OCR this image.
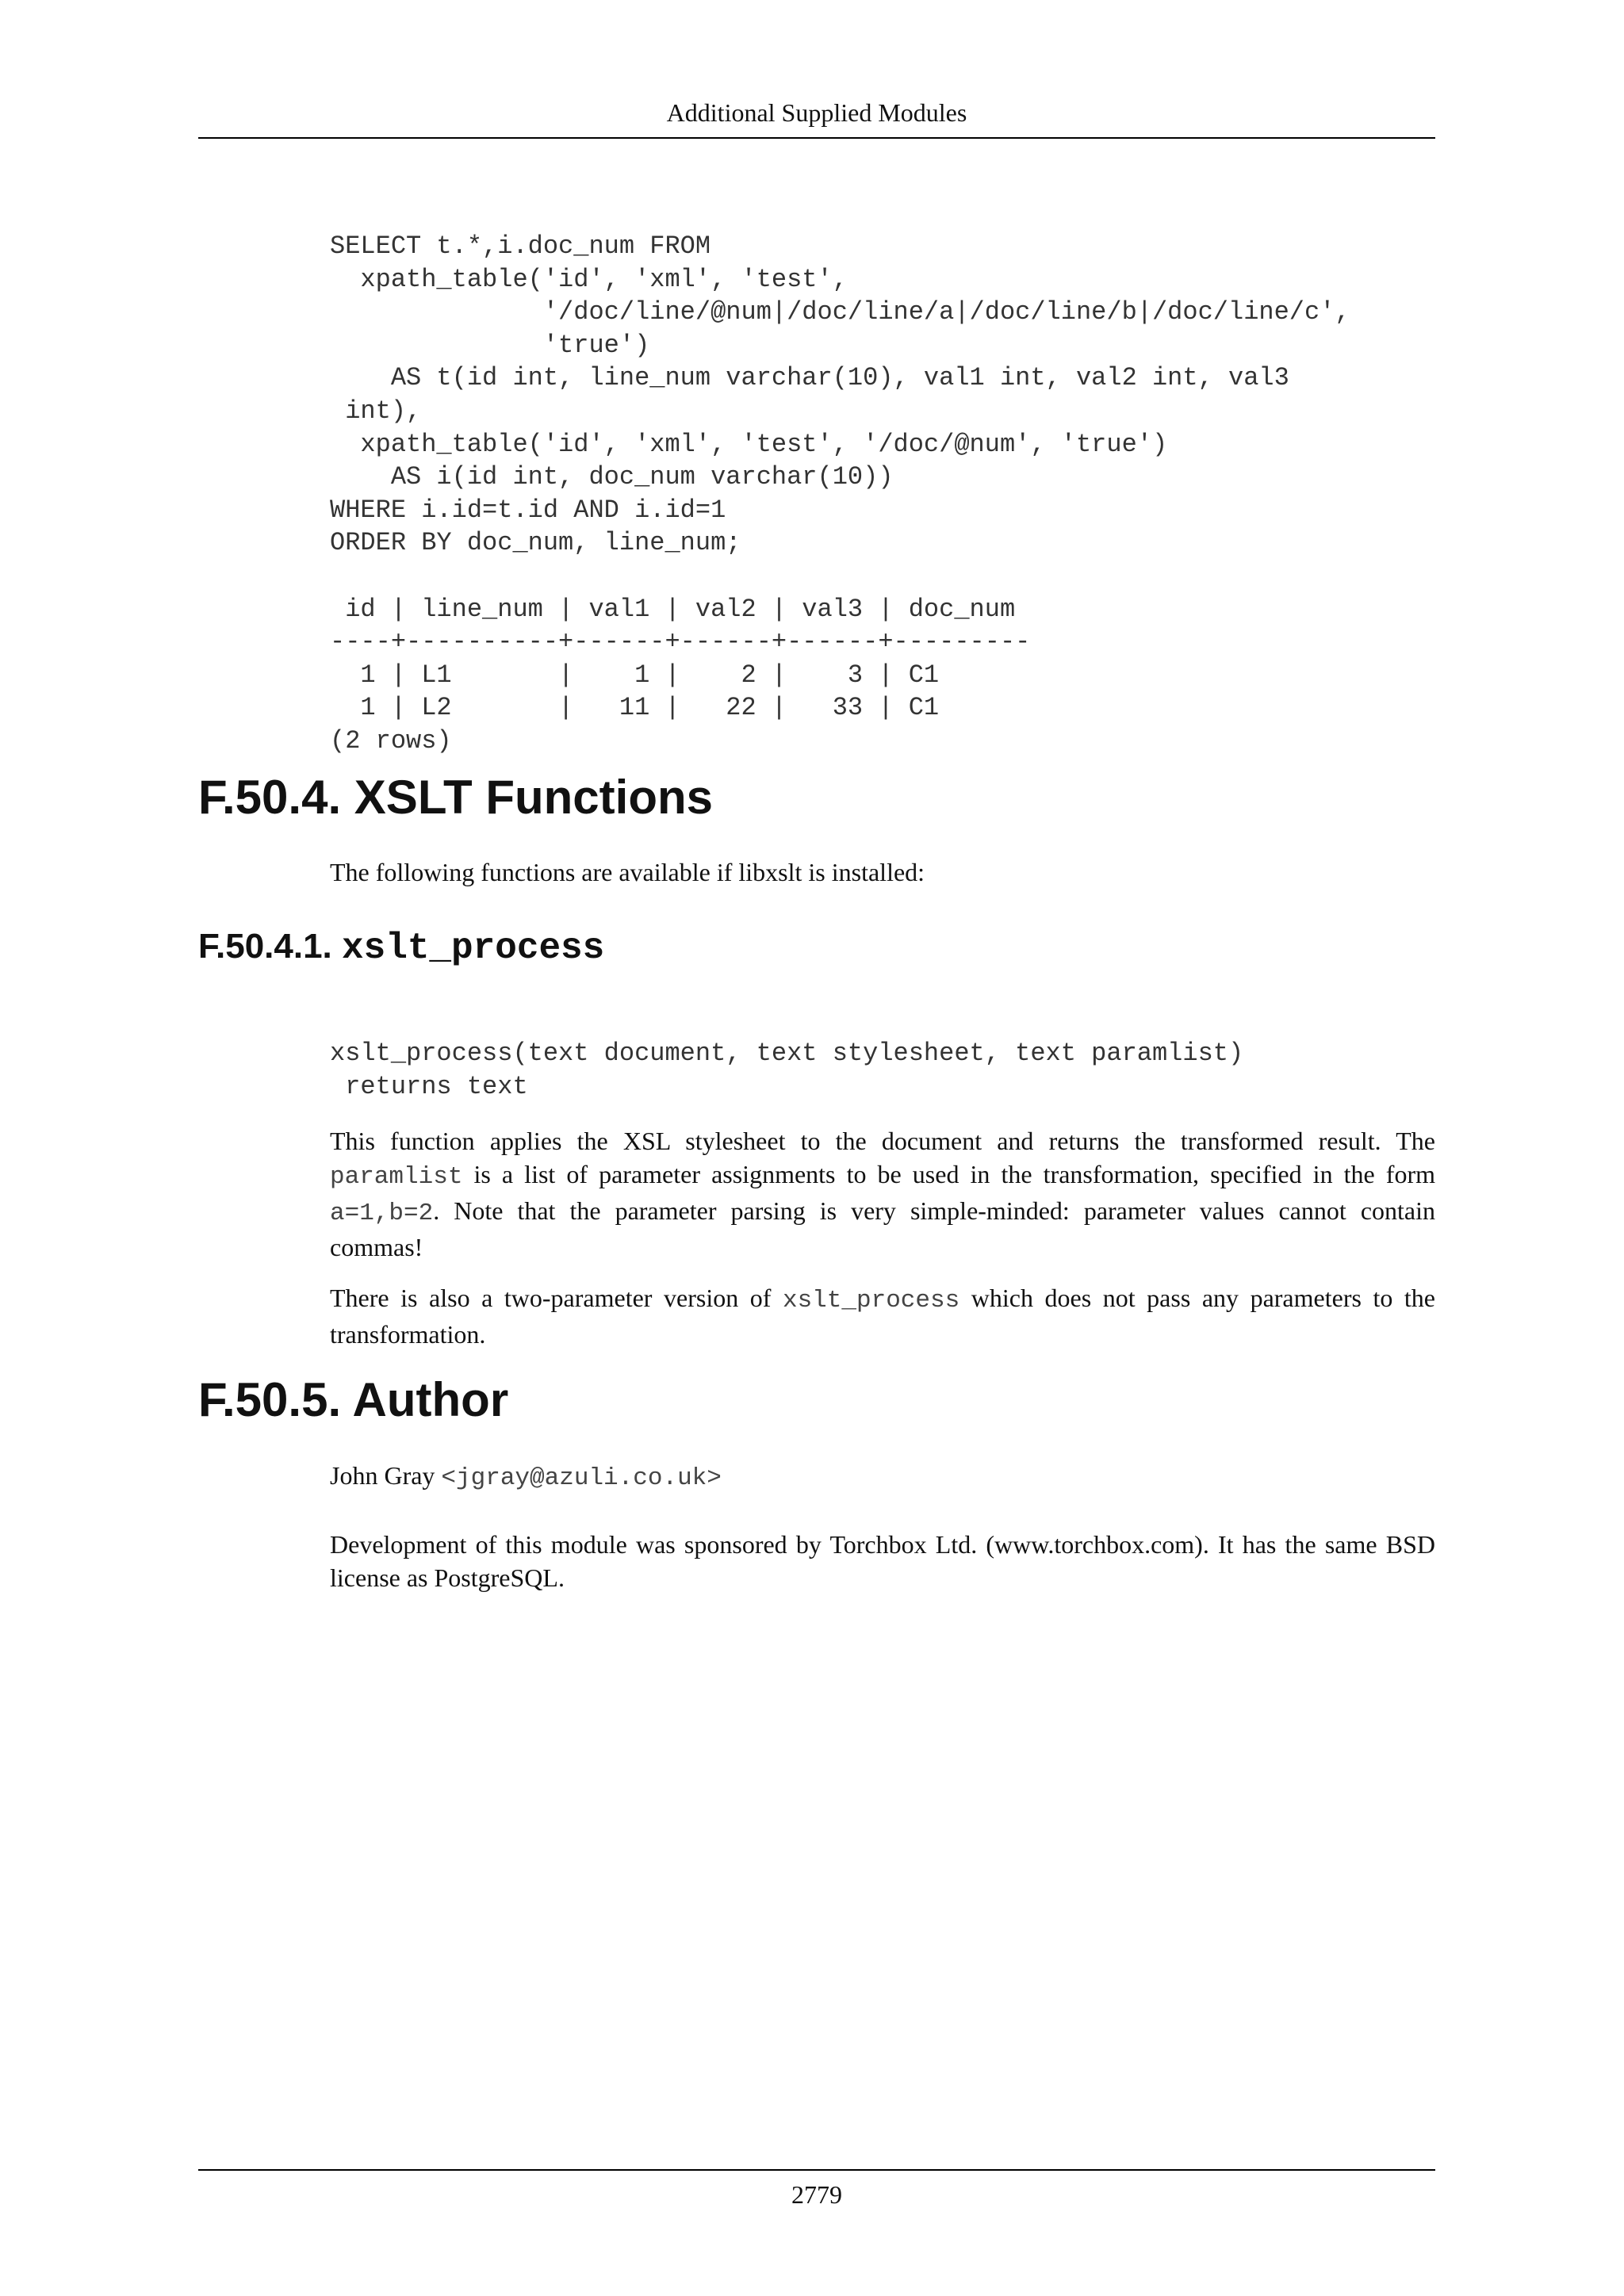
Additional Supplied Modules
SELECT t.*,i.doc_num FROM
xpath_table('id', 'xml', 'test',
'/doc/line/@num|/doc/line/a|/doc/line/b|/doc/line/c',
'true')
AS t(id int, line_num varchar(10), val1 int, val2 int, val3
int),
xpath_table('id', 'xml', 'test', '/doc/@num', 'true')
AS i(id int, doc_num varchar(10))
WHERE i.id=t.id AND i.id=1
ORDER BY doc_num, line_num;

id | line_num | val1 | val2 | val3 | doc_num
----+----------+------+------+------+---------
1 | L1       |    1 |    2 |    3 | C1
1 | L2       |   11 |   22 |   33 | C1
(2 rows)
F.50.4. XSLT Functions

The following functions are available if libxslt is installed:

F.50.4.1. xslt_process
xslt_process(text document, text stylesheet, text paramlist)
returns text

This function applies the XSL stylesheet to the document and returns the transformed result. The paramlist is a list of parameter assignments to be used in the transformation, specified in the form a=1,b=2. Note that the parameter parsing is very simple-minded: parameter values cannot contain commas!

There is also a two-parameter version of xslt_process which does not pass any parameters to the transformation.

F.50.5. Author

John Gray <jgray@azuli.co.uk>

Development of this module was sponsored by Torchbox Ltd. (www.torchbox.com). It has the same BSD license as PostgreSQL.

2779
